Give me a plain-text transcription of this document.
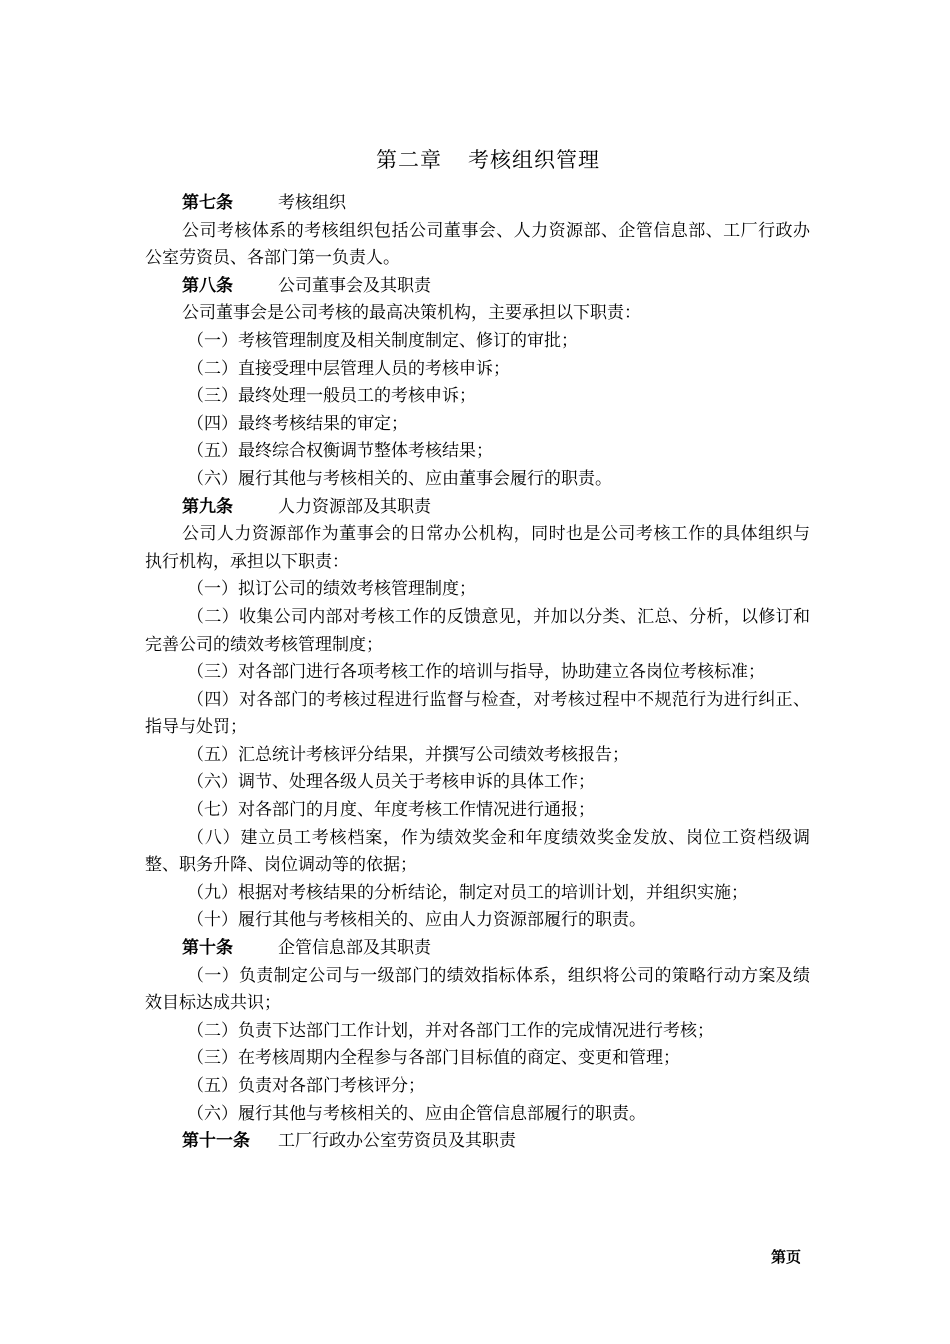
第二章 考核组织管理
第七条	考核组织
公司考核体系的考核组织包括公司董事会、人力资源部、企管信息部、工厂行政办公室劳资员、各部门第一负责人。
第八条	公司董事会及其职责
公司董事会是公司考核的最高决策机构，主要承担以下职责：
（一）考核管理制度及相关制度制定、修订的审批；
（二）直接受理中层管理人员的考核申诉；
（三）最终处理一般员工的考核申诉；
（四）最终考核结果的审定；
（五）最终综合权衡调节整体考核结果；
（六）履行其他与考核相关的、应由董事会履行的职责。
第九条	人力资源部及其职责
公司人力资源部作为董事会的日常办公机构，同时也是公司考核工作的具体组织与执行机构，承担以下职责：
（一）拟订公司的绩效考核管理制度；
（二）收集公司内部对考核工作的反馈意见，并加以分类、汇总、分析，以修订和完善公司的绩效考核管理制度；
（三）对各部门进行各项考核工作的培训与指导，协助建立各岗位考核标准；
（四）对各部门的考核过程进行监督与检查，对考核过程中不规范行为进行纠正、指导与处罚；
（五）汇总统计考核评分结果，并撰写公司绩效考核报告；
（六）调节、处理各级人员关于考核申诉的具体工作；
（七）对各部门的月度、年度考核工作情况进行通报；
（八）建立员工考核档案，作为绩效奖金和年度绩效奖金发放、岗位工资档级调整、职务升降、岗位调动等的依据；
（九）根据对考核结果的分析结论，制定对员工的培训计划，并组织实施；
（十）履行其他与考核相关的、应由人力资源部履行的职责。
第十条	企管信息部及其职责
（一）负责制定公司与一级部门的绩效指标体系，组织将公司的策略行动方案及绩效目标达成共识；
（二）负责下达部门工作计划，并对各部门工作的完成情况进行考核；
（三）在考核周期内全程参与各部门目标值的商定、变更和管理；
（五）负责对各部门考核评分；
（六）履行其他与考核相关的、应由企管信息部履行的职责。
第十一条 工厂行政办公室劳资员及其职责
第页
